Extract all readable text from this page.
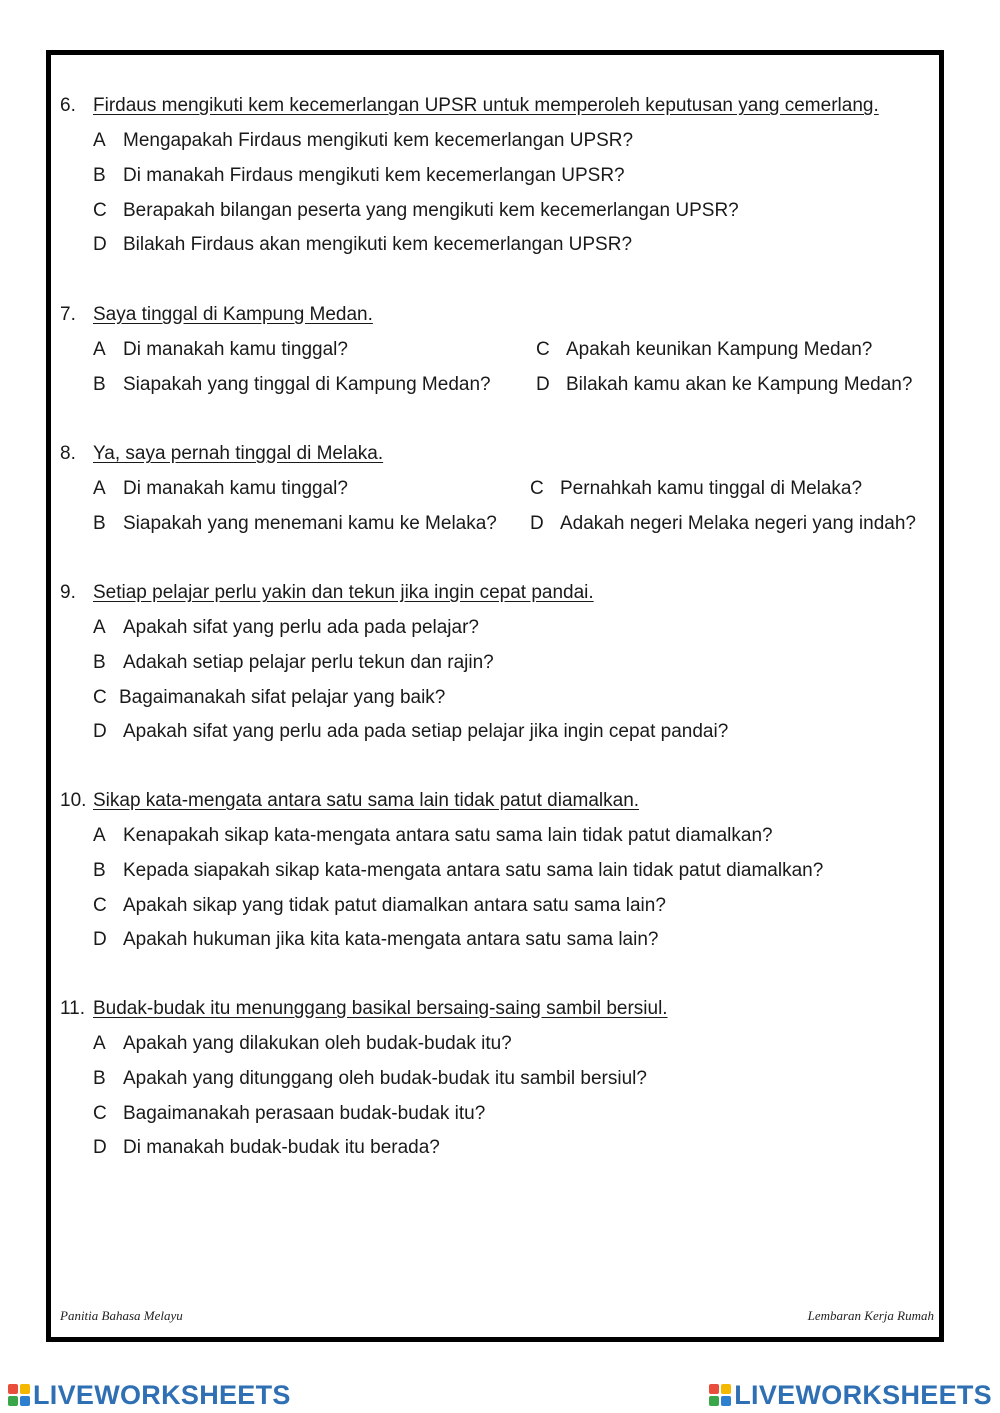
6. Firdaus mengikuti kem kecemerlangan UPSR untuk memperoleh keputusan yang cemerlang.
A Mengapakah Firdaus mengikuti kem kecemerlangan UPSR?
B Di manakah Firdaus mengikuti kem kecemerlangan UPSR?
C Berapakah bilangan peserta yang mengikuti kem kecemerlangan UPSR?
D Bilakah Firdaus akan mengikuti kem kecemerlangan UPSR?
7. Saya tinggal di Kampung Medan.
A Di manakah kamu tinggal?	C Apakah keunikan Kampung Medan?
B Siapakah yang tinggal di Kampung Medan? D Bilakah kamu akan ke Kampung Medan?
8. Ya, saya pernah tinggal di Melaka.
A Di manakah kamu tinggal?	C Pernahkah kamu tinggal di Melaka?
B Siapakah yang menemani kamu ke Melaka? D Adakah negeri Melaka negeri yang indah?
9. Setiap pelajar perlu yakin dan tekun jika ingin cepat pandai.
A Apakah sifat yang perlu ada pada pelajar?
B Adakah setiap pelajar perlu tekun dan rajin?
C Bagaimanakah sifat pelajar yang baik?
D Apakah sifat yang perlu ada pada setiap pelajar jika ingin cepat pandai?
10. Sikap kata-mengata antara satu sama lain tidak patut diamalkan.
A Kenapakah sikap kata-mengata antara satu sama lain tidak patut diamalkan?
B Kepada siapakah sikap kata-mengata antara satu sama lain tidak patut diamalkan?
C Apakah sikap yang tidak patut diamalkan antara satu sama lain?
D Apakah hukuman jika kita kata-mengata antara satu sama lain?
11. Budak-budak itu menunggang basikal bersaing-saing sambil bersiul.
A Apakah yang dilakukan oleh budak-budak itu?
B Apakah yang ditunggang oleh budak-budak itu sambil bersiul?
C Bagaimanakah perasaan budak-budak itu?
D Di manakah budak-budak itu berada?
Panitia Bahasa Melayu	Lembaran Kerja Rumah
LIVEWORKSHEETS	LIVEWORKSHEETS
